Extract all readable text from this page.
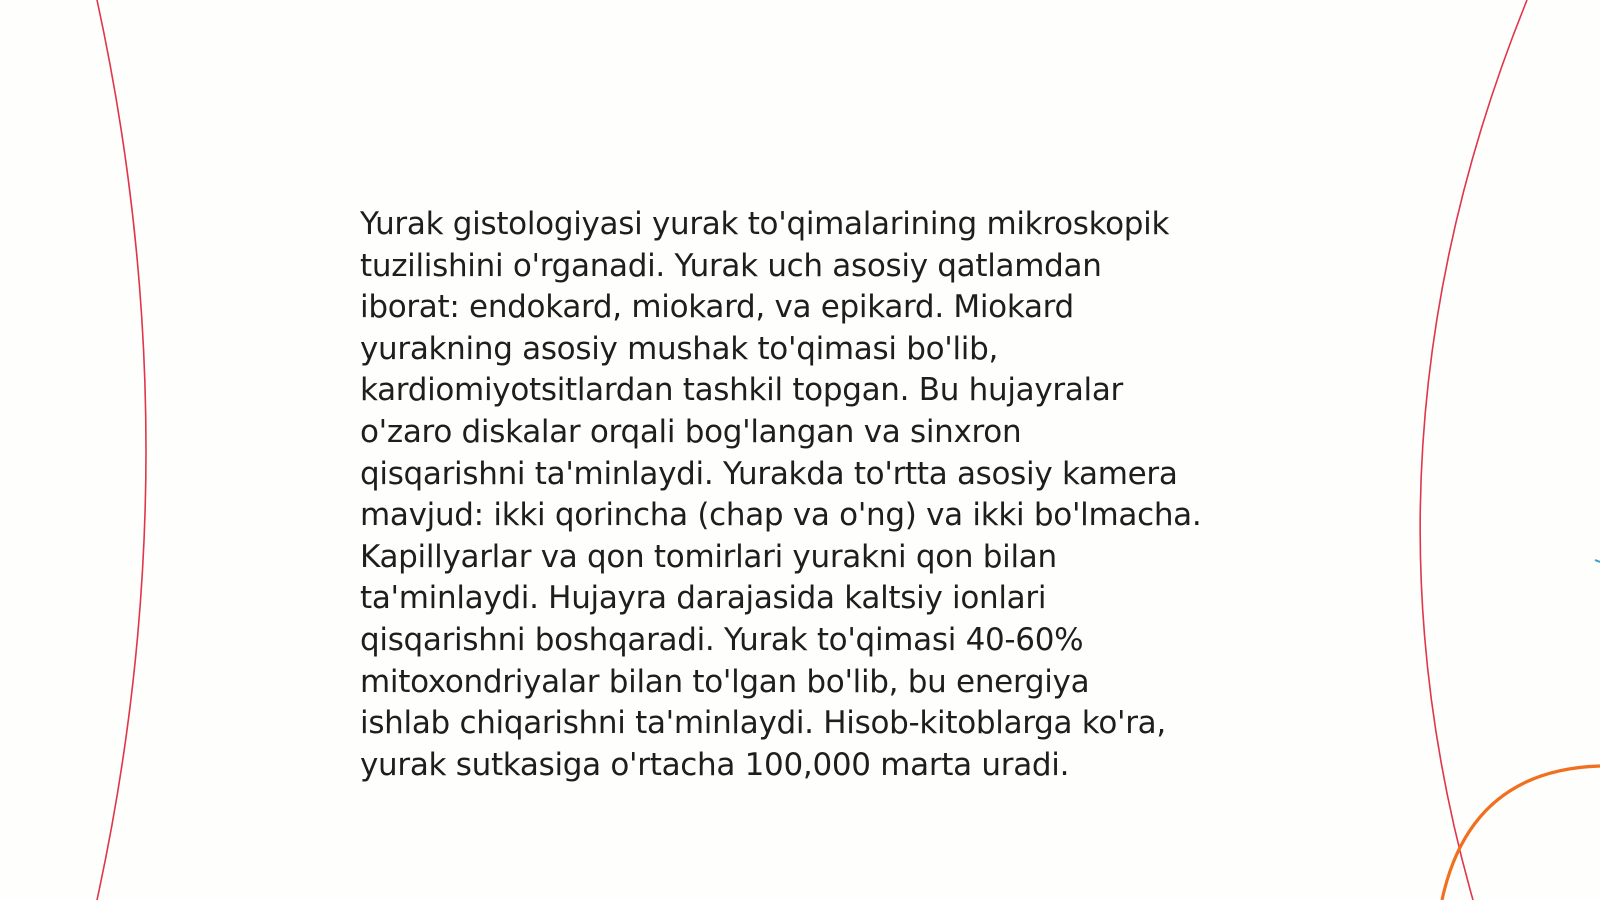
Yurak gistologiyasi yurak to'qimalarining mikroskopik
tuzilishini o'rganadi. Yurak uch asosiy qatlamdan
iborat: endokard, miokard, va epikard. Miokard
yurakning asosiy mushak to'qimasi bo'lib,
kardiomiyotsitlardan tashkil topgan. Bu hujayralar
o'zaro diskalar orqali bog'langan va sinxron
qisqarishni ta'minlaydi. Yurakda to'rtta asosiy kamera
mavjud: ikki qorincha (chap va o'ng) va ikki bo'lmacha.
Kapillyarlar va qon tomirlari yurakni qon bilan
ta'minlaydi. Hujayra darajasida kaltsiy ionlari
qisqarishni boshqaradi. Yurak to'qimasi 40-60%
mitoxondriyalar bilan to'lgan bo'lib, bu energiya
ishlab chiqarishni ta'minlaydi. Hisob-kitoblarga ko'ra,
yurak sutkasiga o'rtacha 100,000 marta uradi.
